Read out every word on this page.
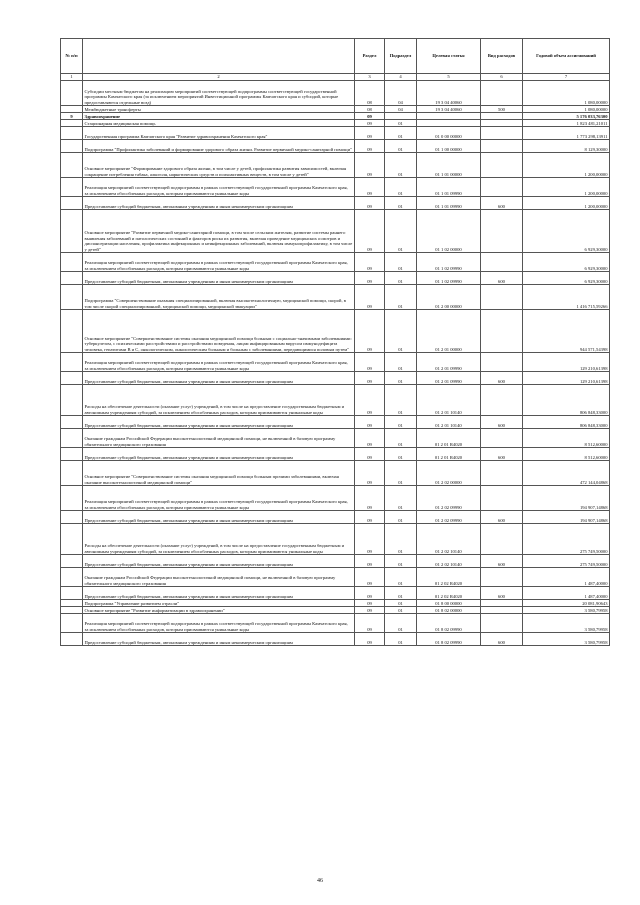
№ п/п		Раздел	Подраздел	Целевая статья	Вид расходов	Годовой объем ассигнований
1	2	3	4	5	6	7
	Субсидии местным бюджетам на реализацию мероприятий соответствующей подпрограммы соответствующей государственной программы Камчатского края (за исключением мероприятий Инвестиционной программы Камчатского края и субсидий, которые предоставляются отдельные возд)	08	04	19 3 04 40060		1 080,00000
	Межбюджетные трансферты	08	04	19 3 04 40060	500	1 080,00000
9	Здравоохранение	09				5 176 033,76300
	Стационарная медицинская помощь	09	01			1 823 481,21011
	Государственная программа Камчатского края "Развитие здравоохранения Камчатского края"	09	01	01 0 00 00000		1 773 298,13911
	Подпрограмма "Профилактика заболеваний и формирование здорового образа жизни. Развитие первичной медико-санитарной помощи"	09	01	01 1 00 00000		8 129,30000
	Основное мероприятие "Формирование здорового образа жизни, в том числе у детей, профилактика развития зависимостей, включая сокращение потребления табака, алкоголя, наркотических средств и психоактивных веществ, в том числе у детей"	09	01	01 1 01 00000		1 200,00000
	Реализация мероприятий соответствующей подпрограммы в рамках соответствующей государственной программы Камчатского края, за исключением обособленных расходов, которым присваиваются уникальные коды	09	01	01 1 01 09990		1 200,00000
	Предоставление субсидий бюджетным, автономным учреждениям и иным некоммерческим организациям	09	01	01 1 01 09990	600	1 200,00000
	Основное мероприятие "Развитие первичной медико-санитарной помощи, в том числе сельским жителям, развитие системы раннего выявления заболеваний и патологических состояний и факторов риска их развития, включая проведение медицинских осмотров и диспансеризации населения, профилактика инфекционных и неинфекционных заболеваний, включая иммунопрофилактику, в том числе у детей"	09	01	01 1 02 00000		6 929,30000
	Реализация мероприятий соответствующей подпрограммы в рамках соответствующей государственной программы Камчатского края, за исключением обособленных расходов, которым присваиваются уникальные коды	09	01	01 1 02 09990		6 929,30000
	Предоставление субсидий бюджетным, автономным учреждениям и иным некоммерческим организациям	09	01	01 1 02 09990	600	6 929,30000
	Подпрограмма "Совершенствование оказания специализированной, включая высокотехнологичную, медицинской помощи, скорой, в том числе скорой специализированной, медицинской помощи, медицинской эвакуации"	09	01	01 2 00 00000		1 416 715,59266
	Основное мероприятие "Совершенствование системы оказания медицинской помощи больным с социально-значимыми заболеваниями: туберкулезом, с психическими расстройствами и расстройствами поведения, лицам инфицированным вирусом иммунодефицита человека, гепатитами В и С, онкологическим, онкологическим больным и больным с заболеваниями, передающимися половым путем"	09	01	01 2 01 00000		944 571,54398
	Реализация мероприятий соответствующей подпрограммы в рамках соответствующей государственной программы Камчатского края, за исключением обособленных расходов, которым присваиваются уникальные коды	09	01	01 2 01 09990		129 210,61398
	Предоставление субсидий бюджетным, автономным учреждениям и иным некоммерческим организациям	09	01	01 2 01 09990	600	129 210,61398
	Расходы на обеспечение деятельности (оказание услуг) учреждений, в том числе на предоставление государственным бюджетным и автономным учреждениям субсидий, за исключением обособленных расходов, которым присваиваются уникальные коды	09	01	01 2 01 10140		806 848,33000
	Предоставление субсидий бюджетным, автономным учреждениям и иным некоммерческим организациям	09	01	01 2 01 10140	600	806 848,33000
	Оказание гражданам Российской Федерации высокотехнологичной медицинской помощи, не включенной в базовую программу обязательного медицинского страхования	09	01	01 2 01 R4020		8 512,60000
	Предоставление субсидий бюджетным, автономным учреждениям и иным некоммерческим организациям	09	01	01 2 01 R4020	600	8 512,60000
	Основное мероприятие "Совершенствование системы оказания медицинской помощи больным прочими заболеваниями, включая оказание высокотехнологичной медицинской помощи"	09	01	01 2 02 00000		472 144,04868
	Реализация мероприятий соответствующей подпрограммы в рамках соответствующей государственной программы Камчатского края, за исключением обособленных расходов, которым присваиваются уникальные коды	09	01	01 2 02 09990		194 907,14868
	Предоставление субсидий бюджетным, автономным учреждениям и иным некоммерческим организациям	09	01	01 2 02 09990	600	194 907,14868
	Расходы на обеспечение деятельности (оказание услуг) учреждений, в том числе на предоставление государственным бюджетным и автономным учреждениям субсидий, за исключением обособленных расходов, которым присваиваются уникальные коды	09	01	01 2 02 10140		275 749,50000
	Предоставление субсидий бюджетным, автономным учреждениям и иным некоммерческим организациям	09	01	01 2 02 10140	600	275 749,50000
	Оказание гражданам Российской Федерации высокотехнологичной медицинской помощи, не включенной в базовую программу обязательного медицинского страхования	09	01	01 2 02 R4020		1 487,40000
	Предоставление субсидий бюджетным, автономным учреждениям и иным некоммерческим организациям	09	01	01 2 02 R4020	600	1 487,40000
	Подпрограмма "Управление развитием отрасли"	09	01	01 8 00 00000		20 081,90643
	Основное мероприятие "Развитие информатизации в здравоохранении"	09	01	01 8 02 00000		3 580,79958
	Реализация мероприятий соответствующей подпрограммы в рамках соответствующей государственной программы Камчатского края, за исключением обособленных расходов, которым присваиваются уникальные коды	09	01	01 8 02 09990		3 580,79958
	Предоставление субсидий бюджетным, автономным учреждениям и иным некоммерческим организациям	09	01	01 8 02 09990	600	3 580,79958
46
